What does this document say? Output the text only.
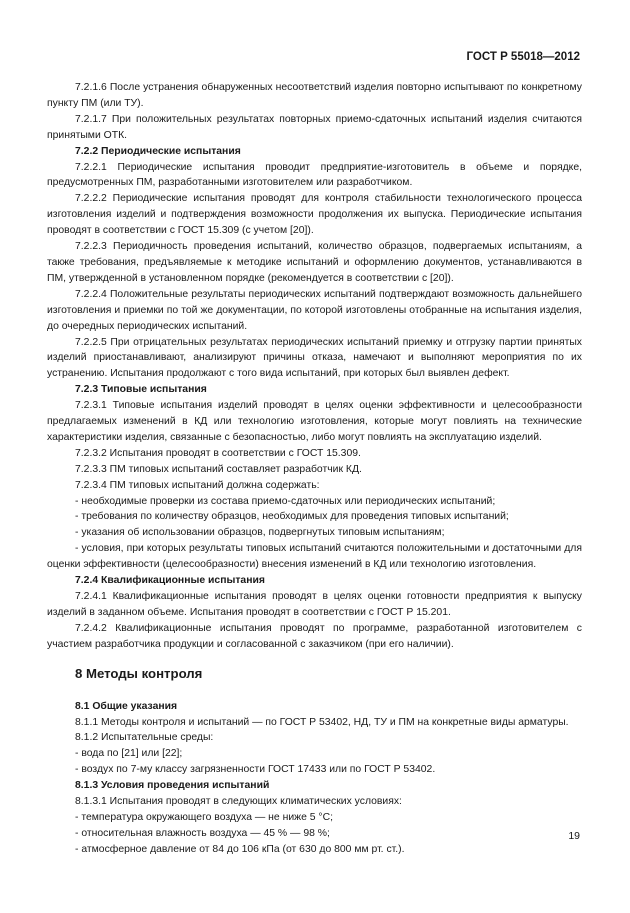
ГОСТ Р 55018—2012

7.2.1.6 После устранения обнаруженных несоответствий изделия повторно испытывают по конкретному пункту ПМ (или ТУ).

7.2.1.7 При положительных результатах повторных приемо-сдаточных испытаний изделия считаются принятыми ОТК.

7.2.2 Периодические испытания

7.2.2.1 Периодические испытания проводит предприятие-изготовитель в объеме и порядке, предусмотренных ПМ, разработанными изготовителем или разработчиком.

7.2.2.2 Периодические испытания проводят для контроля стабильности технологического процесса изготовления изделий и подтверждения возможности продолжения их выпуска. Периодические испытания проводят в соответствии с ГОСТ 15.309 (с учетом [20]).

7.2.2.3 Периодичность проведения испытаний, количество образцов, подвергаемых испытаниям, а также требования, предъявляемые к методике испытаний и оформлению документов, устанавливаются в ПМ, утвержденной в установленном порядке (рекомендуется в соответствии с [20]).

7.2.2.4 Положительные результаты периодических испытаний подтверждают возможность дальнейшего изготовления и приемки по той же документации, по которой изготовлены отобранные на испытания изделия, до очередных периодических испытаний.

7.2.2.5 При отрицательных результатах периодических испытаний приемку и отгрузку партии принятых изделий приостанавливают, анализируют причины отказа, намечают и выполняют мероприятия по их устранению. Испытания продолжают с того вида испытаний, при которых был выявлен дефект.

7.2.3 Типовые испытания

7.2.3.1 Типовые испытания изделий проводят в целях оценки эффективности и целесообразности предлагаемых изменений в КД или технологию изготовления, которые могут повлиять на технические характеристики изделия, связанные с безопасностью, либо могут повлиять на эксплуатацию изделий.

7.2.3.2 Испытания проводят в соответствии с ГОСТ 15.309.

7.2.3.3 ПМ типовых испытаний составляет разработчик КД.

7.2.3.4 ПМ типовых испытаний должна содержать:

- необходимые проверки из состава приемо-сдаточных или периодических испытаний;

- требования по количеству образцов, необходимых для проведения типовых испытаний;

- указания об использовании образцов, подвергнутых типовым испытаниям;

- условия, при которых результаты типовых испытаний считаются положительными и достаточными для оценки эффективности (целесообразности) внесения изменений в КД или технологию изготовления.

7.2.4 Квалификационные испытания

7.2.4.1 Квалификационные испытания проводят в целях оценки готовности предприятия к выпуску изделий в заданном объеме. Испытания проводят в соответствии с ГОСТ Р 15.201.

7.2.4.2 Квалификационные испытания проводят по программе, разработанной изготовителем с участием разработчика продукции и согласованной с заказчиком (при его наличии).

8 Методы контроля

8.1 Общие указания

8.1.1 Методы контроля и испытаний — по ГОСТ Р 53402, НД, ТУ и ПМ на конкретные виды арматуры.

8.1.2 Испытательные среды:

- вода по [21] или [22];

- воздух по 7-му классу загрязненности ГОСТ 17433 или по ГОСТ Р 53402.

8.1.3 Условия проведения испытаний

8.1.3.1 Испытания проводят в следующих климатических условиях:

- температура окружающего воздуха — не ниже 5 °С;

- относительная влажность воздуха — 45 % — 98 %;

- атмосферное давление от 84 до 106 кПа (от 630 до 800 мм рт. ст.).

19
